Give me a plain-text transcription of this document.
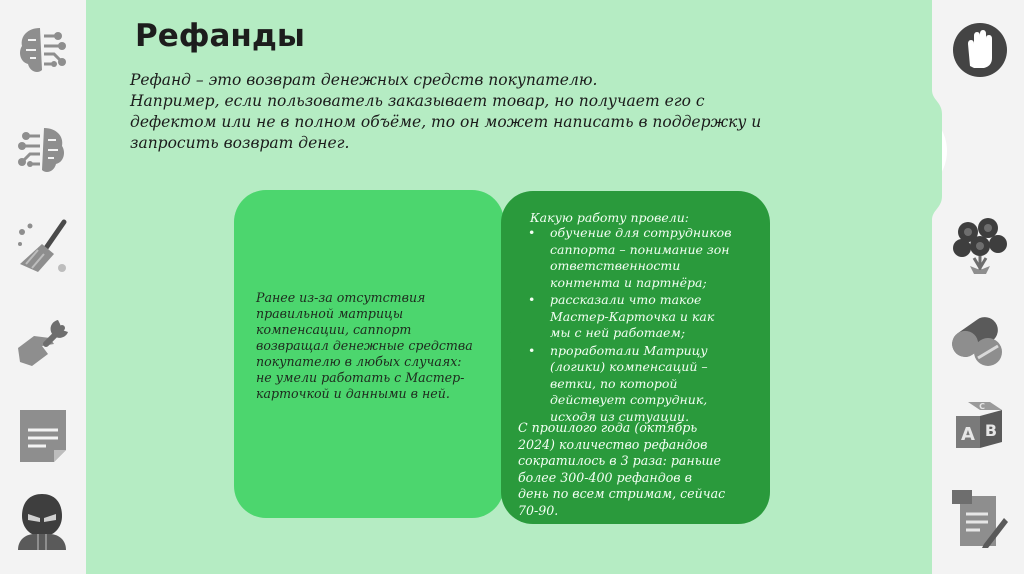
A B
C
Рефанды
Рефанд – это возврат денежных средств покупателю.
Например, если пользователь заказывает товар, но получает его с
дефектом или не в полном объёме, то он может написать в поддержку и
запросить возврат денег.
Ранее из-за отсутствия
правильной матрицы
компенсации, саппорт
возвращал денежные средства
покупателю в любых случаях:
не умели работать с Мастер-
карточкой и данными в ней.
Какую работу провели:
• обучение для сотрудников
саппорта – понимание зон
ответственности
контента и партнёра;
• рассказали что такое
Мастер-Карточка и как
мы с ней работаем;
• проработали Матрицу
(логики) компенсаций –
ветки, по которой
действует сотрудник,
исходя из ситуации.
С прошлого года (октябрь
2024) количество рефандов
сократилось в 3 раза: раньше
более 300-400 рефандов в
день по всем стримам, сейчас
70-90.
